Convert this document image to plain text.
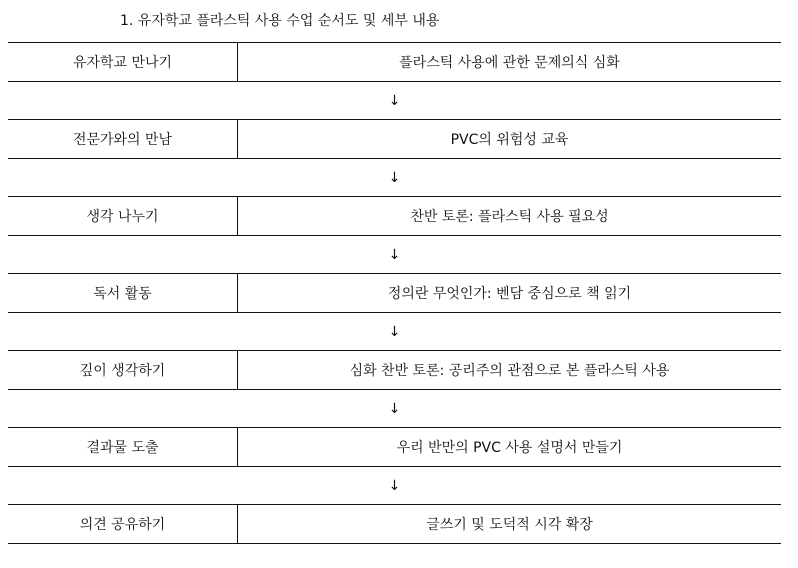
1. 유자학교 플라스틱 사용 수업 순서도 및 세부 내용
유자학교 만나기	플라스틱 사용에 관한 문제의식 심화
↓
전문가와의 만남	PVC의 위험성 교육
↓
생각 나누기	찬반 토론: 플라스틱 사용 필요성
↓
독서 활동	정의란 무엇인가: 벤담 중심으로 책 읽기
↓
깊이 생각하기	심화 찬반 토론: 공리주의 관점으로 본 플라스틱 사용
↓
결과물 도출	우리 반만의 PVC 사용 설명서 만들기
↓
의견 공유하기	글쓰기 및 도덕적 시각 확장
